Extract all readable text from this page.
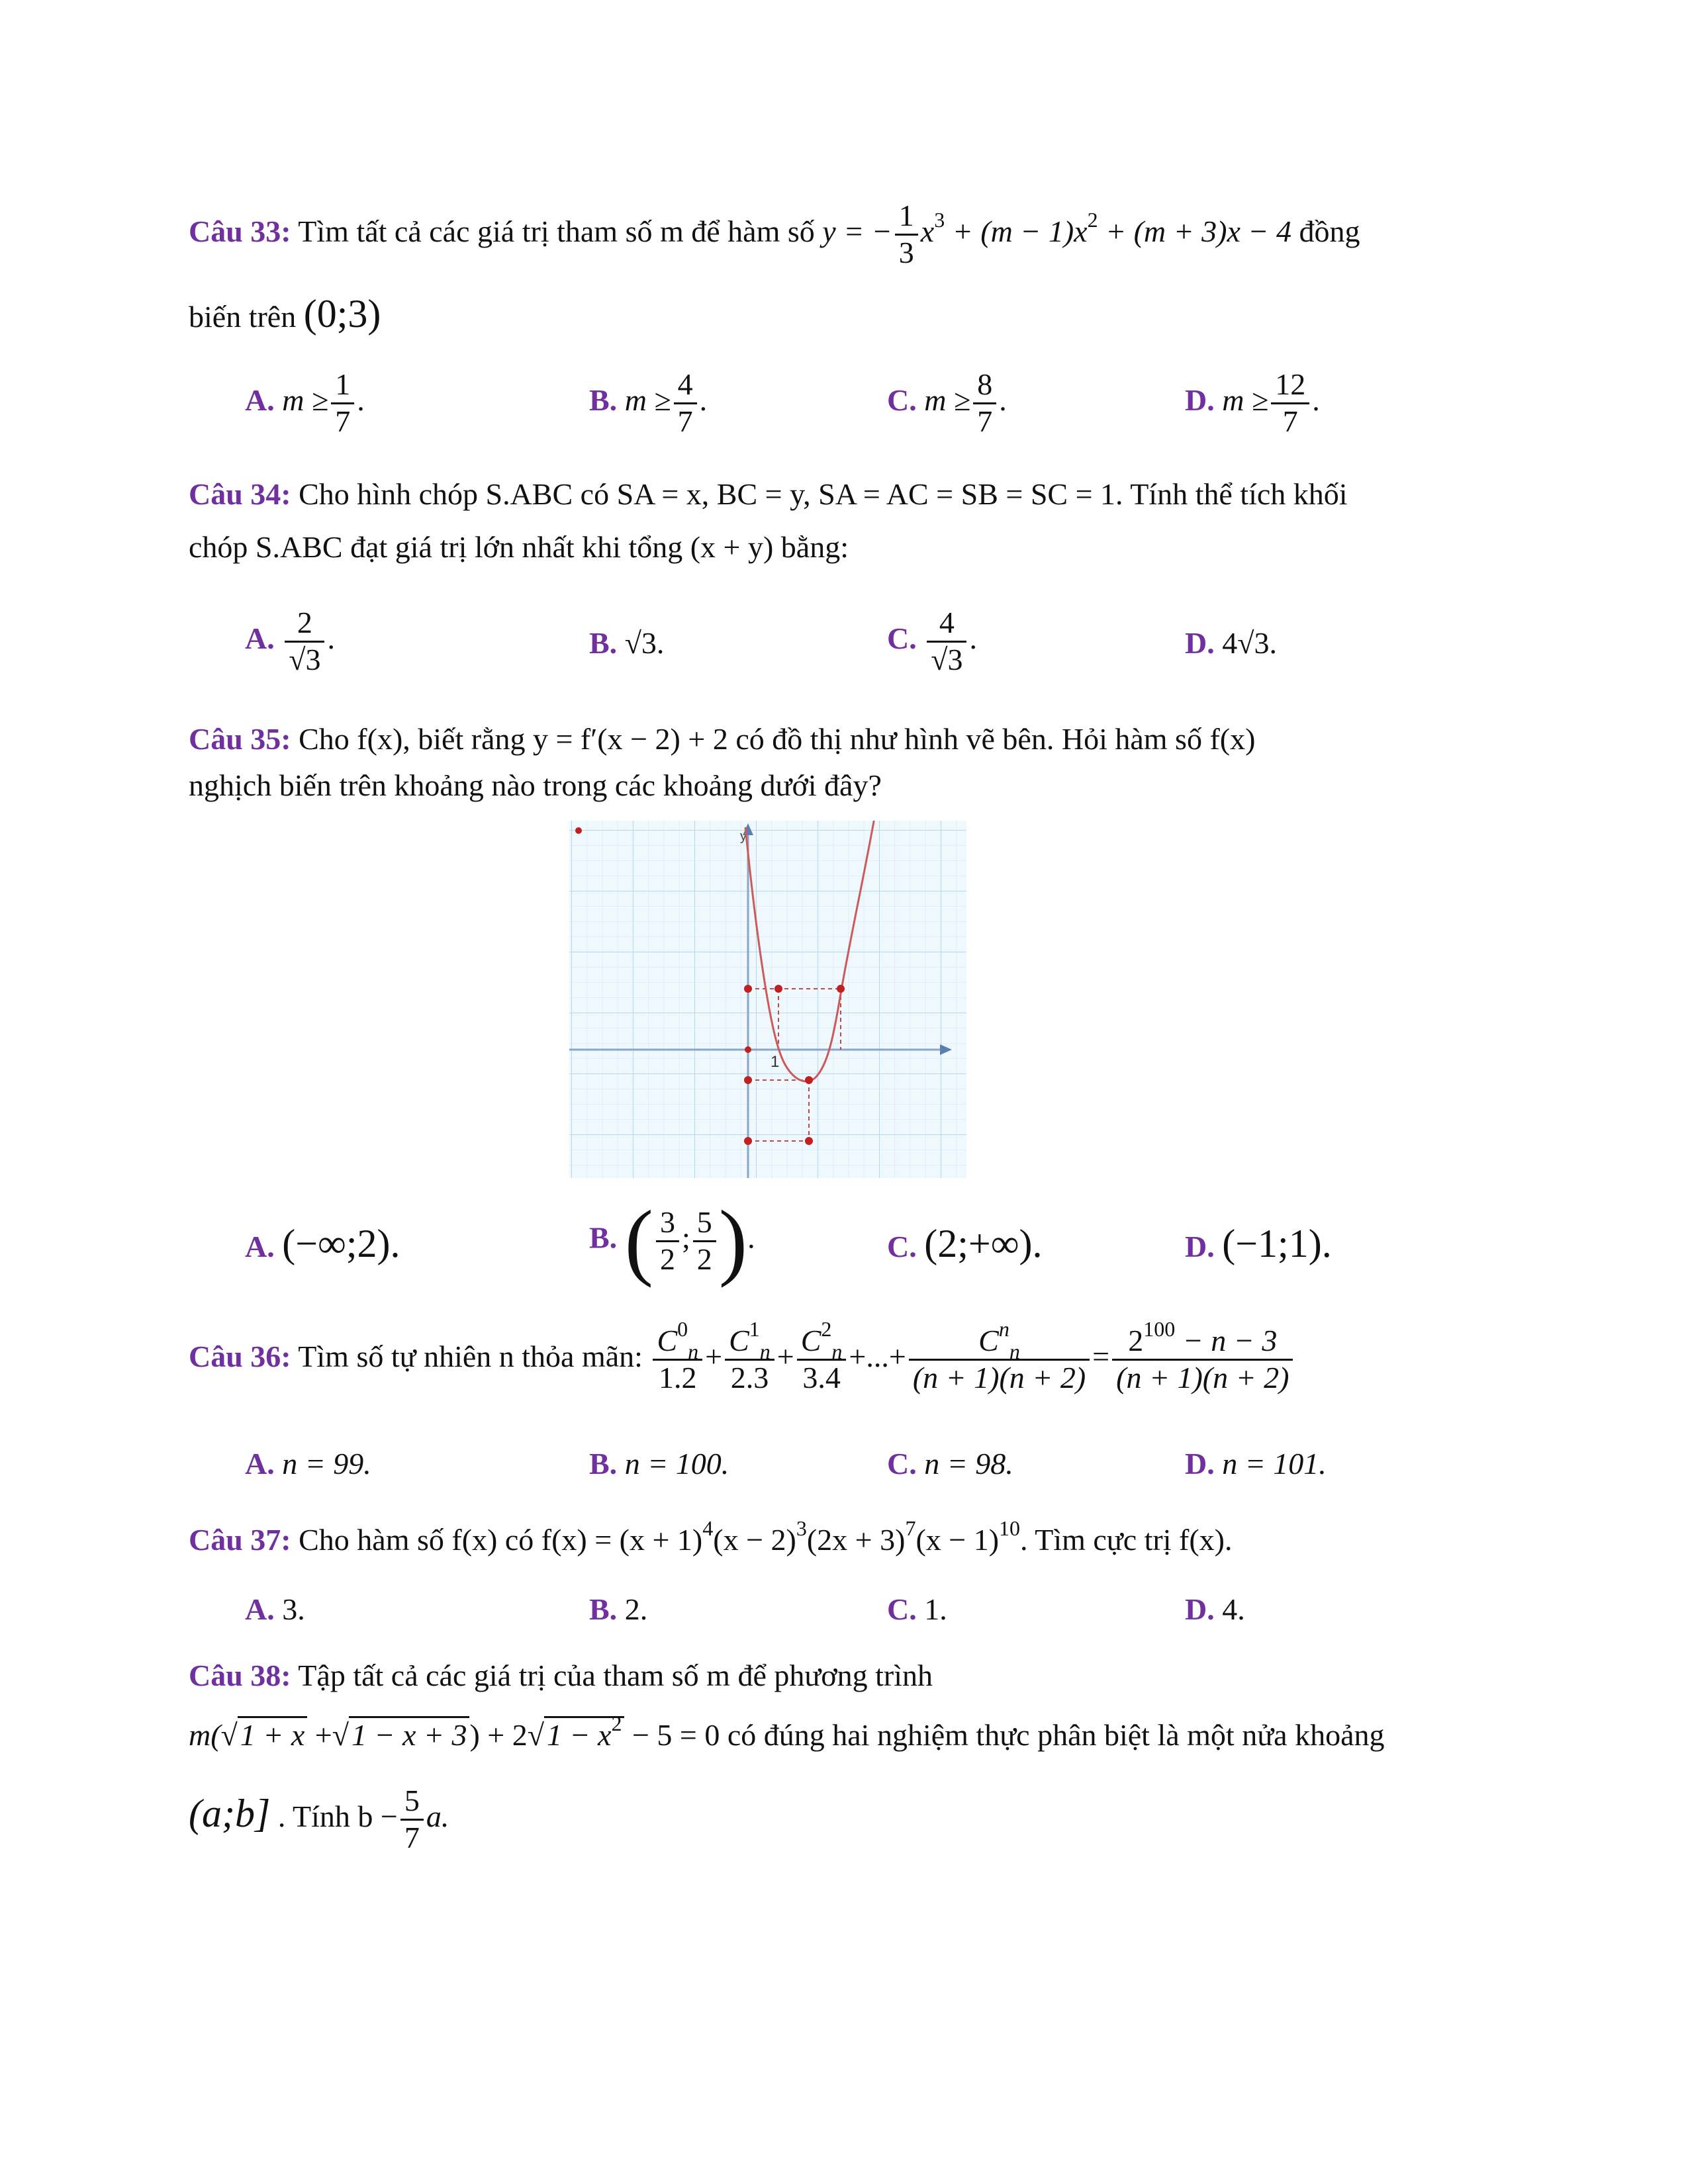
Câu 33: Tìm tất cả các giá trị tham số m để hàm số y = − $\frac{1}{3} x^3 + (m - 1)x^2 + (m + 3)x - 4$ đồng
biến trên (0;3)
A. $m \ge \frac{1}{7}$ .	B. $m \ge \frac{4}{7}$ .	C. $m \ge \frac{8}{7}$ .	D. $m \ge \frac{12}{7}$ .
Câu 34: Cho hình chóp S.ABC có SA = x, BC = y, SA = AC = SB = SC = 1. Tính thể tích khối
chóp S.ABC đạt giá trị lớn nhất khi tổng (x + y) bằng:
A. $\frac{2}{√3}$ .	B. √3.	C. $\frac{4}{√3}$ .	D. 4√3.
Câu 35: Cho f(x), biết rằng y = f′(x − 2) + 2 có đồ thị như hình vẽ bên. Hỏi hàm số f(x)
nghịch biến trên khoảng nào trong các khoảng dưới đây?
y
1
A. (−∞;2).	B. ( $\frac{3}{2}$ ; $\frac{5}{2}$ ).	C. (2;+∞).	D. (−1;1).
Câu 36: Tìm số tự nhiên n thỏa mãn: $\frac{C^0_n}{1.2} + \frac{C^1_n}{2.3} + \frac{C^2_n}{3.4}$ +...+ $\frac{C^n_n}{(n + 1)(n + 2)} = \frac{2^{100} - n - 3}{(n + 1)(n + 2)}$
A. n = 99.	B. n = 100.	C. n = 98.	D. n = 101.
Câu 37: Cho hàm số f(x) có $f(x) = (x + 1)^4(x - 2)^3(2x + 3)^7(x - 1)^{10}$. Tìm cực trị f(x).
A. 3.	B. 2.	C. 1.	D. 4.
Câu 38: Tập tất cả các giá trị của tham số m để phương trình
$m(√1 + x +√1 - x + 3) + 2√1 - x^2 - 5 = 0$ có đúng hai nghiệm thực phân biệt là một nửa khoảng
(a;b] . Tính $b - \frac{5}{7} a$.
